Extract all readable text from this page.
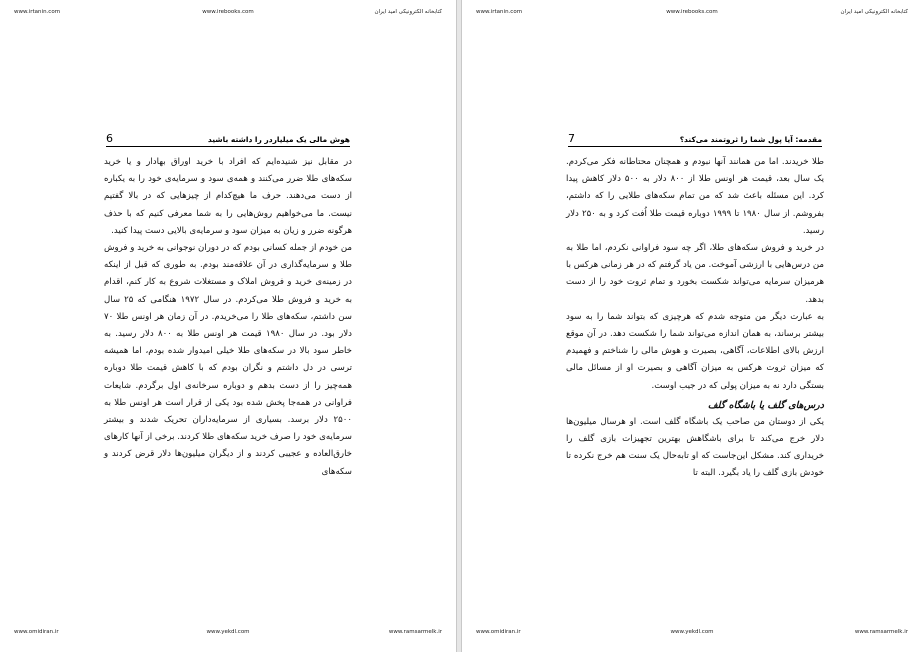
www.irtanin.com	www.irebooks.com	کتابخانه الکترونیکی امید ایران
6	هوش مالی یک میلیاردر را داشته باشید

در مقابل نیز شنیده‌ایم که افراد با خرید اوراق بهادار و یا خرید سکه‌های طلا ضرر می‌کنند و همه‌ی سود و سرمایه‌ی خود را به یکباره از دست می‌دهند. حرف ما هیچ‌کدام از چیزهایی که در بالا گفتیم نیست. ما می‌خواهیم روش‌هایی را به شما معرفی کنیم که با حذف هرگونه ضرر و زیان به میزان سود و سرمایه‌ی بالایی دست پیدا کنید.

من خودم از جمله کسانی بودم که در دوران نوجوانی به خرید و فروش طلا و سرمایه‌گذاری در آن علاقه‌مند بودم. به طوری که قبل از اینکه در زمینه‌ی خرید و فروش املاک و مستغلات شروع به کار کنم، اقدام به خرید و فروش طلا می‌کردم. در سال ۱۹۷۲ هنگامی که ۲۵ سال سن داشتم، سکه‌های طلا را می‌خریدم. در آن زمان هر اونس طلا ۷۰ دلار بود. در سال ۱۹۸۰ قیمت هر اونس طلا به ۸۰۰ دلار رسید. به خاطر سود بالا در سکه‌های طلا خیلی امیدوار شده بودم، اما همیشه ترسی در دل داشتم و نگران بودم که با کاهش قیمت طلا دوباره همه‌چیز را از دست بدهم و دوباره سرخانه‌ی اول برگردم. شایعات فراوانی در همه‌جا پخش شده بود یکی از قرار است هر اونس طلا به ۲۵۰۰ دلار برسد. بسیاری از سرمایه‌داران تحریک شدند و بیشتر سرمایه‌ی خود را صرف خرید سکه‌های طلا کردند. برخی از آنها کارهای خارق‌العاده و عجیبی کردند و از دیگران میلیون‌ها دلار قرض کردند و سکه‌های

www.omidiran.ir	www.yekdl.com	www.ramsarmelk.ir
www.irtanin.com	www.irebooks.com	کتابخانه الکترونیکی امید ایران
7	مقدمه: آیا پول شما را ثروتمند می‌کند؟

طلا خریدند. اما من همانند آنها نبودم و همچنان محتاطانه فکر می‌کردم. یک سال بعد، قیمت هر اونس طلا از ۸۰۰ دلار به ۵۰۰ دلار کاهش پیدا کرد. این مسئله باعث شد که من تمام سکه‌های طلایی را که داشتم، بفروشم. از سال ۱۹۸۰ تا ۱۹۹۹ دوباره قیمت طلا اُفت کرد و به ۲۵۰ دلار رسید.

در خرید و فروش سکه‌های طلا، اگر چه سود فراوانی نکردم، اما طلا به من درس‌هایی با ارزشی آموخت. من یاد گرفتم که در هر زمانی هرکس با هرمیزان سرمایه می‌تواند شکست بخورد و تمام ثروت خود را از دست بدهد.

به عبارت دیگر من متوجه شدم که هرچیزی که بتواند شما را به سود بیشتر برساند، به همان اندازه می‌تواند شما را شکست دهد. در آن موقع ارزش بالای اطلاعات، آگاهی، بصیرت و هوش مالی را شناختم و فهمیدم که میزان ثروت هرکس به میزان آگاهی و بصیرت او از مسائل مالی بستگی دارد نه به میزان پولی که در جیب اوست.

درس‌های گلف یا باشگاه گلف

یکی از دوستان من صاحب یک باشگاه گلف است. او هرسال میلیون‌ها دلار خرج می‌کند تا برای باشگاهش بهترین تجهیزات بازی گلف را خریداری کند. مشکل این‌جاست که او تابه‌حال یک سنت هم خرج نکرده تا خودش بازی گلف را یاد بگیرد. البته تا

www.omidiran.ir	www.yekdl.com	www.ramsarmelk.ir
